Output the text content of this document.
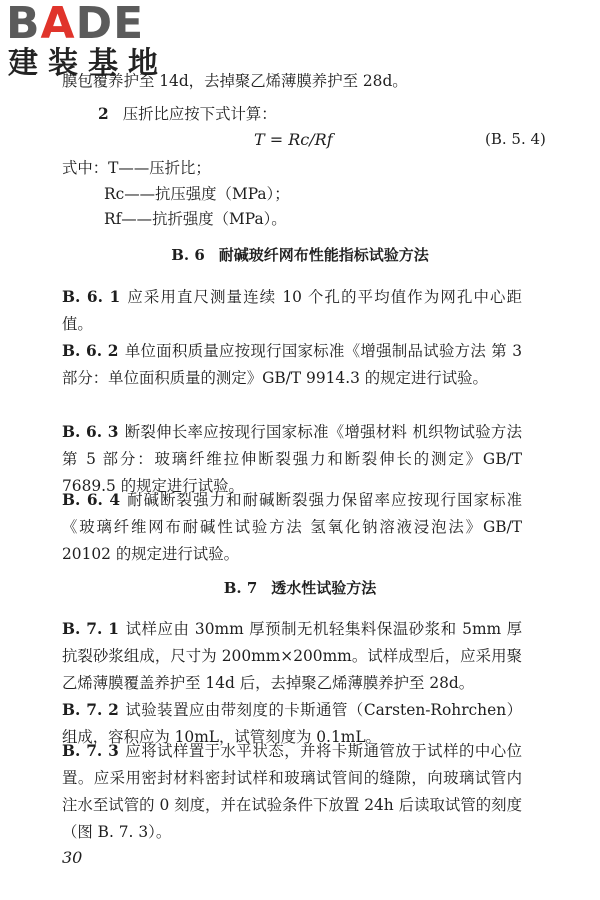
BADE
建装基地
膜包覆养护至 14d，去掉聚乙烯薄膜养护至 28d。
2 压折比应按下式计算：
T = Rc/Rf	(B. 5. 4)
式中：T——压折比；
Rc——抗压强度（MPa）；
Rf——抗折强度（MPa）。
B. 6 耐碱玻纤网布性能指标试验方法
B. 6. 1 应采用直尺测量连续 10 个孔的平均值作为网孔中心距值。
B. 6. 2 单位面积质量应按现行国家标准《增强制品试验方法 第 3 部分：单位面积质量的测定》GB/T 9914.3 的规定进行试验。
B. 6. 3 断裂伸长率应按现行国家标准《增强材料 机织物试验方法 第 5 部分：玻璃纤维拉伸断裂强力和断裂伸长的测定》GB/T 7689.5 的规定进行试验。
B. 6. 4 耐碱断裂强力和耐碱断裂强力保留率应按现行国家标准《玻璃纤维网布耐碱性试验方法 氢氧化钠溶液浸泡法》GB/T 20102 的规定进行试验。
B. 7 透水性试验方法
B. 7. 1 试样应由 30mm 厚预制无机轻集料保温砂浆和 5mm 厚抗裂砂浆组成，尺寸为 200mm×200mm。试样成型后，应采用聚乙烯薄膜覆盖养护至 14d 后，去掉聚乙烯薄膜养护至 28d。
B. 7. 2 试验装置应由带刻度的卡斯通管（Carsten-Rohrchen）组成，容积应为 10mL，试管刻度为 0.1mL。
B. 7. 3 应将试样置于水平状态，并将卡斯通管放于试样的中心位置。应采用密封材料密封试样和玻璃试管间的缝隙，向玻璃试管内注水至试管的 0 刻度，并在试验条件下放置 24h 后读取试管的刻度（图 B. 7. 3）。
30
